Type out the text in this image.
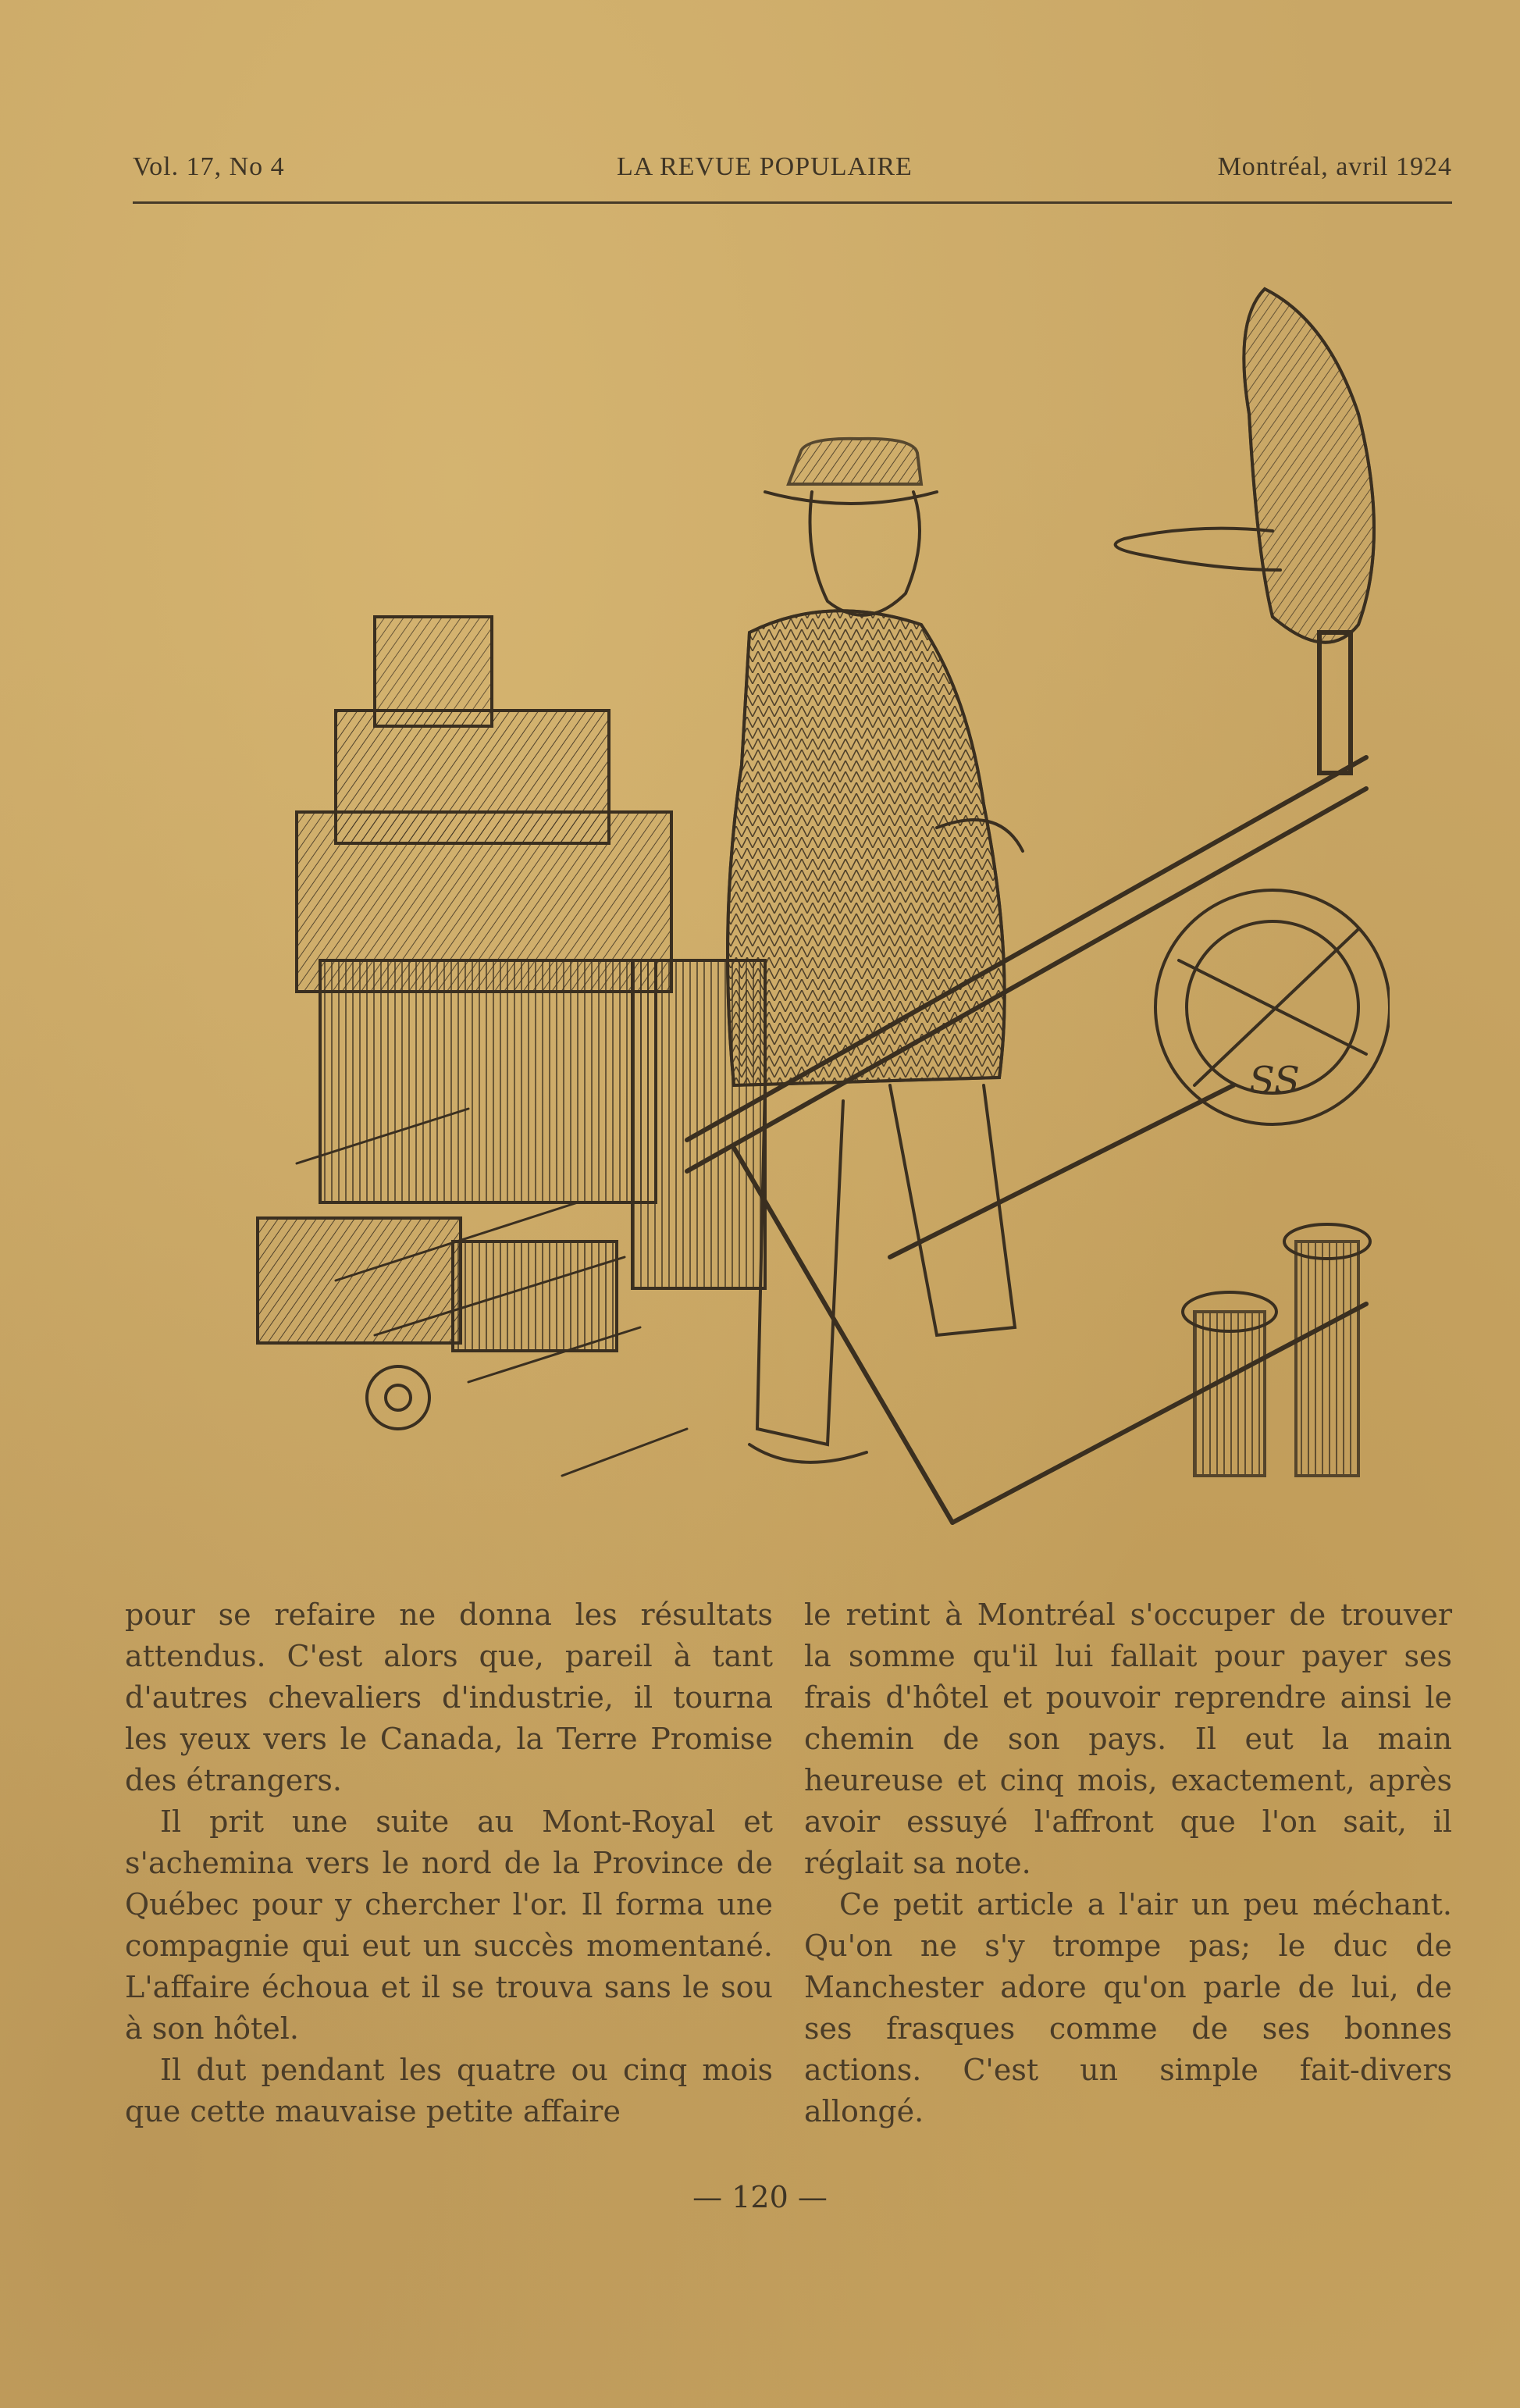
Vol. 17, No 4	LA REVUE POPULAIRE	Montréal, avril 1924
SS

pour se refaire ne donna les résultats attendus. C'est alors que, pareil à tant d'autres chevaliers d'industrie, il tourna les yeux vers le Canada, la Terre Promise des étrangers.

Il prit une suite au Mont-Royal et s'achemina vers le nord de la Province de Québec pour y chercher l'or. Il forma une compagnie qui eut un succès momentané. L'affaire échoua et il se trouva sans le sou à son hôtel.

Il dut pendant les quatre ou cinq mois que cette mauvaise petite affaire

le retint à Montréal s'occuper de trouver la somme qu'il lui fallait pour payer ses frais d'hôtel et pouvoir reprendre ainsi le chemin de son pays. Il eut la main heureuse et cinq mois, exactement, après avoir essuyé l'affront que l'on sait, il réglait sa note.

Ce petit article a l'air un peu méchant. Qu'on ne s'y trompe pas; le duc de Manchester adore qu'on parle de lui, de ses frasques comme de ses bonnes actions. C'est un simple fait-divers allongé.

— 120 —
